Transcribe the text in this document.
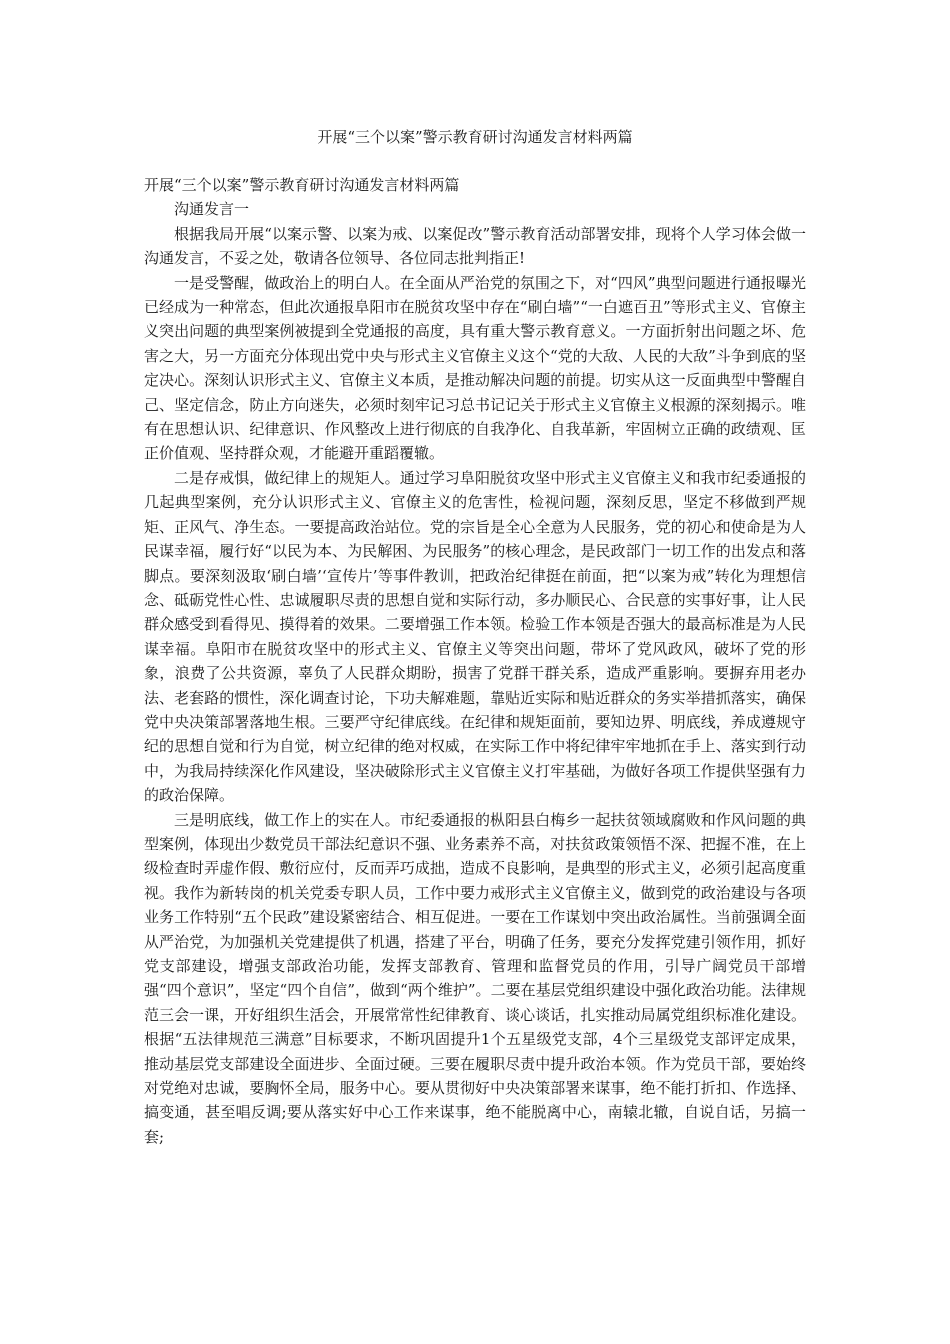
开展“三个以案”警示教育研讨沟通发言材料两篇

开展“三个以案”警示教育研讨沟通发言材料两篇

沟通发言一

根据我局开展“以案示警、以案为戒、以案促改”警示教育活动部署安排，现将个人学习体会做一沟通发言，不妥之处，敬请各位领导、各位同志批判指正!

一是受警醒，做政治上的明白人。在全面从严治党的氛围之下，对“四风”典型问题进行通报曝光已经成为一种常态，但此次通报阜阳市在脱贫攻坚中存在“刷白墙”“一白遮百丑”等形式主义、官僚主义突出问题的典型案例被提到全党通报的高度，具有重大警示教育意义。一方面折射出问题之坏、危害之大，另一方面充分体现出党中央与形式主义官僚主义这个“党的大敌、人民的大敌”斗争到底的坚定决心。深刻认识形式主义、官僚主义本质，是推动解决问题的前提。切实从这一反面典型中警醒自己、坚定信念，防止方向迷失，必须时刻牢记习总书记记关于形式主义官僚主义根源的深刻揭示。唯有在思想认识、纪律意识、作风整改上进行彻底的自我净化、自我革新，牢固树立正确的政绩观、匡正价值观、坚持群众观，才能避开重蹈覆辙。

二是存戒惧，做纪律上的规矩人。通过学习阜阳脱贫攻坚中形式主义官僚主义和我市纪委通报的几起典型案例，充分认识形式主义、官僚主义的危害性，检视问题，深刻反思，坚定不移做到严规矩、正风气、净生态。一要提高政治站位。党的宗旨是全心全意为人民服务，党的初心和使命是为人民谋幸福，履行好“以民为本、为民解困、为民服务”的核心理念，是民政部门一切工作的出发点和落脚点。要深刻汲取‘刷白墙’‘宣传片’等事件教训，把政治纪律挺在前面，把“以案为戒”转化为理想信念、砥砺党性心性、忠诚履职尽责的思想自觉和实际行动，多办顺民心、合民意的实事好事，让人民群众感受到看得见、摸得着的效果。二要增强工作本领。检验工作本领是否强大的最高标准是为人民谋幸福。阜阳市在脱贫攻坚中的形式主义、官僚主义等突出问题，带坏了党风政风，破坏了党的形象，浪费了公共资源，辜负了人民群众期盼，损害了党群干群关系，造成严重影响。要摒弃用老办法、老套路的惯性，深化调查讨论，下功夫解难题，靠贴近实际和贴近群众的务实举措抓落实，确保党中央决策部署落地生根。三要严守纪律底线。在纪律和规矩面前，要知边界、明底线，养成遵规守纪的思想自觉和行为自觉，树立纪律的绝对权威，在实际工作中将纪律牢牢地抓在手上、落实到行动中，为我局持续深化作风建设，坚决破除形式主义官僚主义打牢基础，为做好各项工作提供坚强有力的政治保障。

三是明底线，做工作上的实在人。市纪委通报的枞阳县白梅乡一起扶贫领域腐败和作风问题的典型案例，体现出少数党员干部法纪意识不强、业务素养不高，对扶贫政策领悟不深、把握不准，在上级检查时弄虚作假、敷衍应付，反而弄巧成拙，造成不良影响，是典型的形式主义，必须引起高度重视。我作为新转岗的机关党委专职人员，工作中要力戒形式主义官僚主义，做到党的政治建设与各项业务工作特别“五个民政”建设紧密结合、相互促进。一要在工作谋划中突出政治属性。当前强调全面从严治党，为加强机关党建提供了机遇，搭建了平台，明确了任务，要充分发挥党建引领作用，抓好党支部建设，增强支部政治功能，发挥支部教育、管理和监督党员的作用，引导广阔党员干部增强“四个意识”，坚定“四个自信”，做到“两个维护”。二要在基层党组织建设中强化政治功能。法律规范三会一课，开好组织生活会，开展常常性纪律教育、谈心谈话，扎实推动局属党组织标准化建设。根据“五法律规范三满意”目标要求，不断巩固提升1个五星级党支部，4个三星级党支部评定成果，推动基层党支部建设全面进步、全面过硬。三要在履职尽责中提升政治本领。作为党员干部，要始终对党绝对忠诚，要胸怀全局，服务中心。要从贯彻好中央决策部署来谋事，绝不能打折扣、作选择、搞变通，甚至唱反调;要从落实好中心工作来谋事，绝不能脱离中心，南辕北辙，自说自话，另搞一套;
